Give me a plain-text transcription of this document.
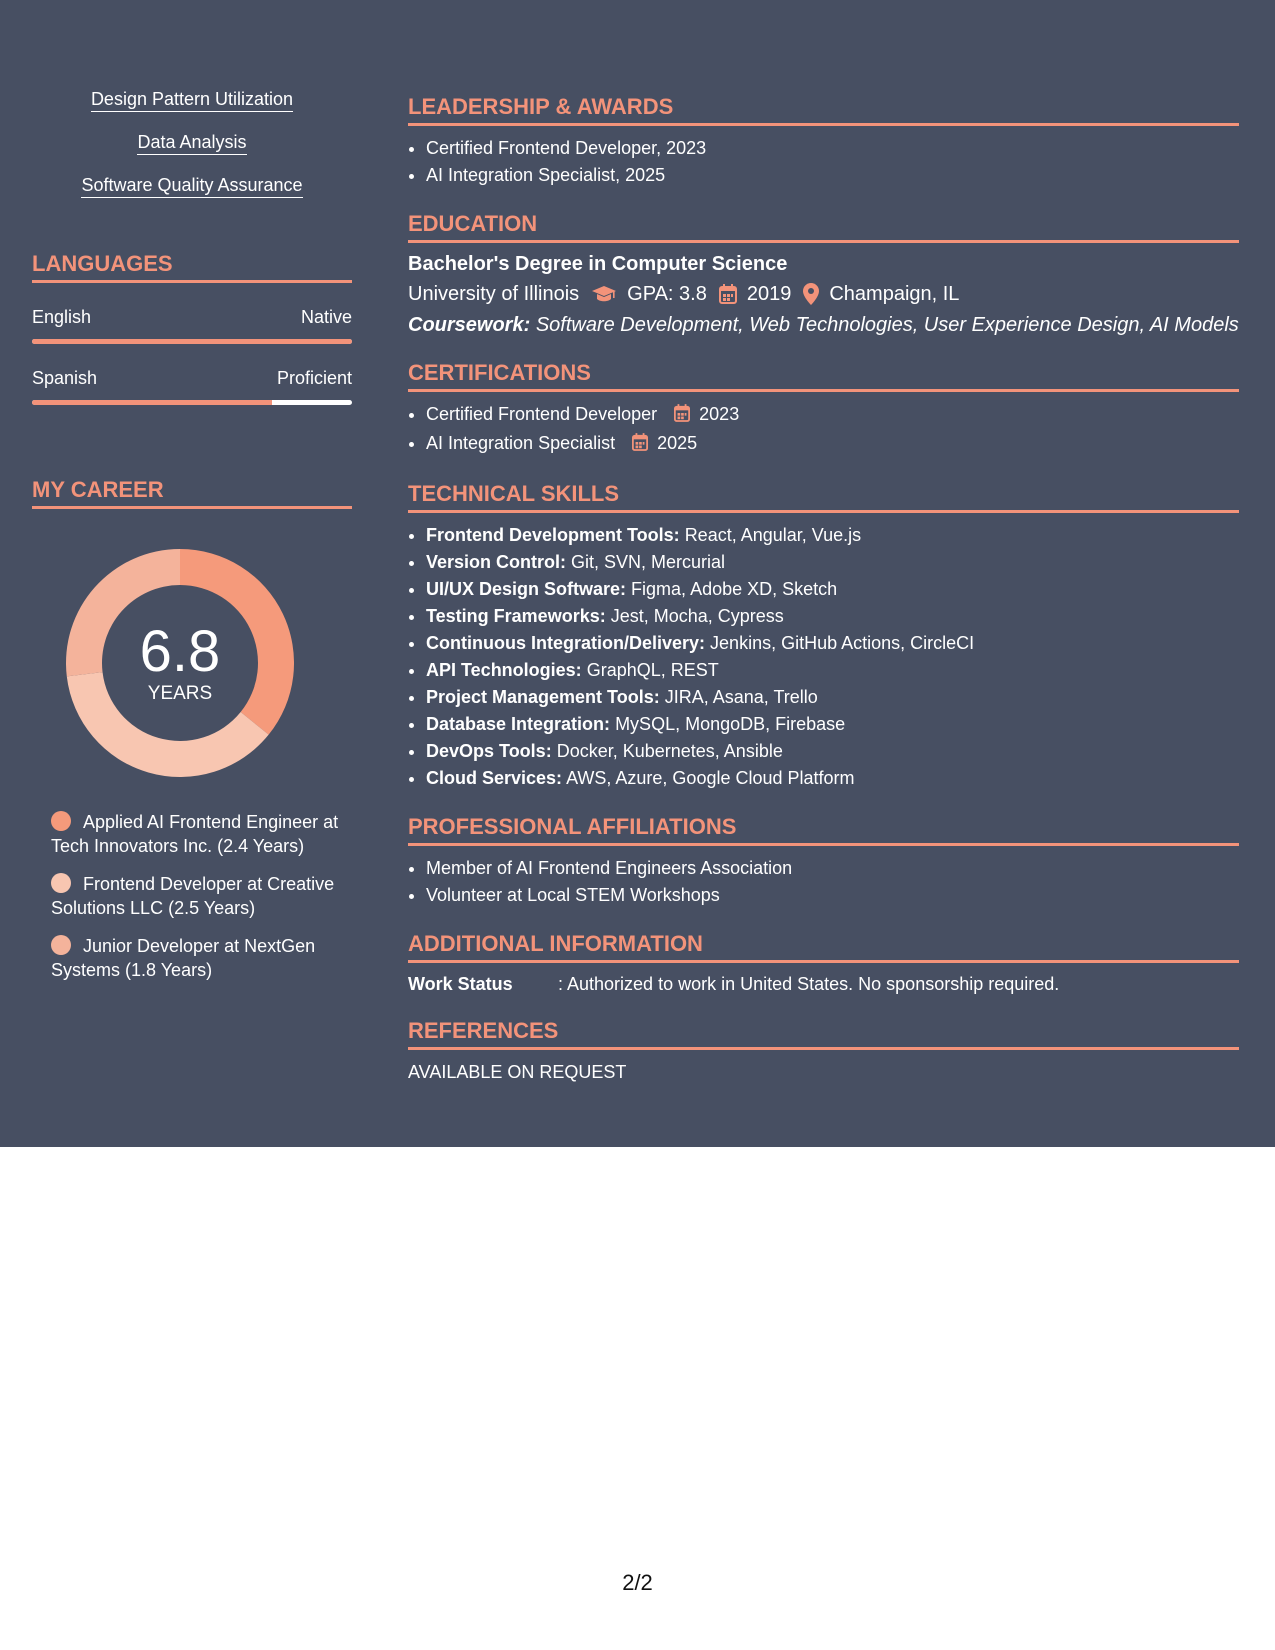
Design Pattern Utilization
Data Analysis
Software Quality Assurance
LANGUAGES
English	Native
Spanish	Proficient
MY CAREER
6.8
YEARS
Applied AI Frontend Engineer at Tech Innovators Inc. (2.4 Years)
Frontend Developer at Creative Solutions LLC (2.5 Years)
Junior Developer at NextGen Systems (1.8 Years)
LEADERSHIP & AWARDS
• Certified Frontend Developer, 2023
• AI Integration Specialist, 2025
EDUCATION
Bachelor's Degree in Computer Science
University of Illinois GPA: 3.8 2019 Champaign, IL
Coursework: Software Development, Web Technologies, User Experience Design, AI Models
CERTIFICATIONS
• Certified Frontend Developer 2023
• AI Integration Specialist 2025
TECHNICAL SKILLS
• Frontend Development Tools: React, Angular, Vue.js
• Version Control: Git, SVN, Mercurial
• UI/UX Design Software: Figma, Adobe XD, Sketch
• Testing Frameworks: Jest, Mocha, Cypress
• Continuous Integration/Delivery: Jenkins, GitHub Actions, CircleCI
• API Technologies: GraphQL, REST
• Project Management Tools: JIRA, Asana, Trello
• Database Integration: MySQL, MongoDB, Firebase
• DevOps Tools: Docker, Kubernetes, Ansible
• Cloud Services: AWS, Azure, Google Cloud Platform
PROFESSIONAL AFFILIATIONS
• Member of AI Frontend Engineers Association
• Volunteer at Local STEM Workshops
ADDITIONAL INFORMATION
Work Status	: Authorized to work in United States. No sponsorship required.
REFERENCES
AVAILABLE ON REQUEST
2/2
